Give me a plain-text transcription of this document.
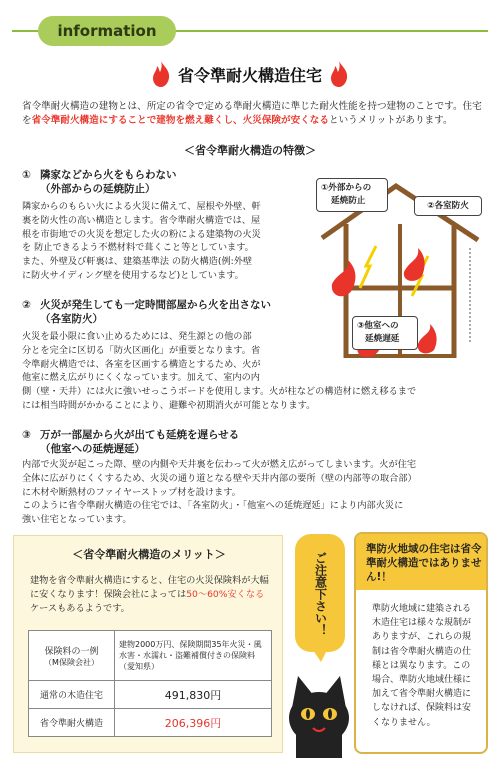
information
省令準耐火構造住宅
省令準耐火構造の建物とは、所定の省令で定める準耐火構造に準じた耐火性能を持つ建物のことです。住宅を省令準耐火構造にすることで建物を燃え難くし、火災保険が安くなるというメリットがあります。
＜省令準耐火構造の特徴＞
① 隣家などから火をもらわない
（外部からの延焼防止）
隣家からのもらい火による火災に備えて、屋根や外壁、軒
裏を防火性の高い構造とします。省令準耐火構造では、屋
根を市街地での火災を想定した火の粉による建築物の火災
を 防止できるよう不燃材料で葺くこと等としています。
また、外壁及び軒裏は、建築基準法 の防火構造(例:外壁
に防火サイディング壁を使用するなど)としています。
② 火災が発生しても一定時間部屋から火を出さない
（各室防火）
火災を最小限に食い止めるためには、発生源との他の部
分とを完全に区切る「防火区画化」が重要となります。省
令準耐火構造では、各室を区画する構造とするため、火が
他室に燃え広がりにくくなっています。加えて、室内の内
側（壁・天井）には火に強いせっこうボードを使用します。火が柱などの構造材に燃え移るまで
には相当時間がかかることにより、避難や初期消火が可能となります。
③ 万が一部屋から火が出ても延焼を遅らせる
（他室への延焼遅延）
内部で火災が起こった際、壁の内側や天井裏を伝わって火が燃え広がってしまいます。火が住宅
全体に広がりにくくするため、火災の通り道となる壁や天井内部の要所（壁の内部等の取合部）
に木材や断熱材のファイヤーストップ材を設けます。
このように省令準耐火構造の住宅では、「各室防火」・「他室への延焼遅延」により内部火災に
強い住宅となっています。
①外部からの
延焼防止	②各室防火
③他室への
延焼遅延
＜省令準耐火構造のメリット＞
建物を省令準耐火構造にすると、住宅の火災保険料が大幅に安くなります！保険会社によっては50〜60%安くなるケースもあるようです。
保険料の一例
（M保険会社）	建物2000万円、保険期間35年火災・風水害・水濡れ・盗難補償付きの保険料（愛知県）
通常の木造住宅	491,830円
省令準耐火構造	206,396円
ご注意下さい！
準防火地域の住宅は省令準耐火構造ではありません!！
準防火地域に建築される木造住宅は様々な規制がありますが、これらの規制は省令準耐火構造の仕様とは異なります。この場合、準防火地域仕様に加えて省令準耐火構造にしなければ、保険料は安くなりません。
